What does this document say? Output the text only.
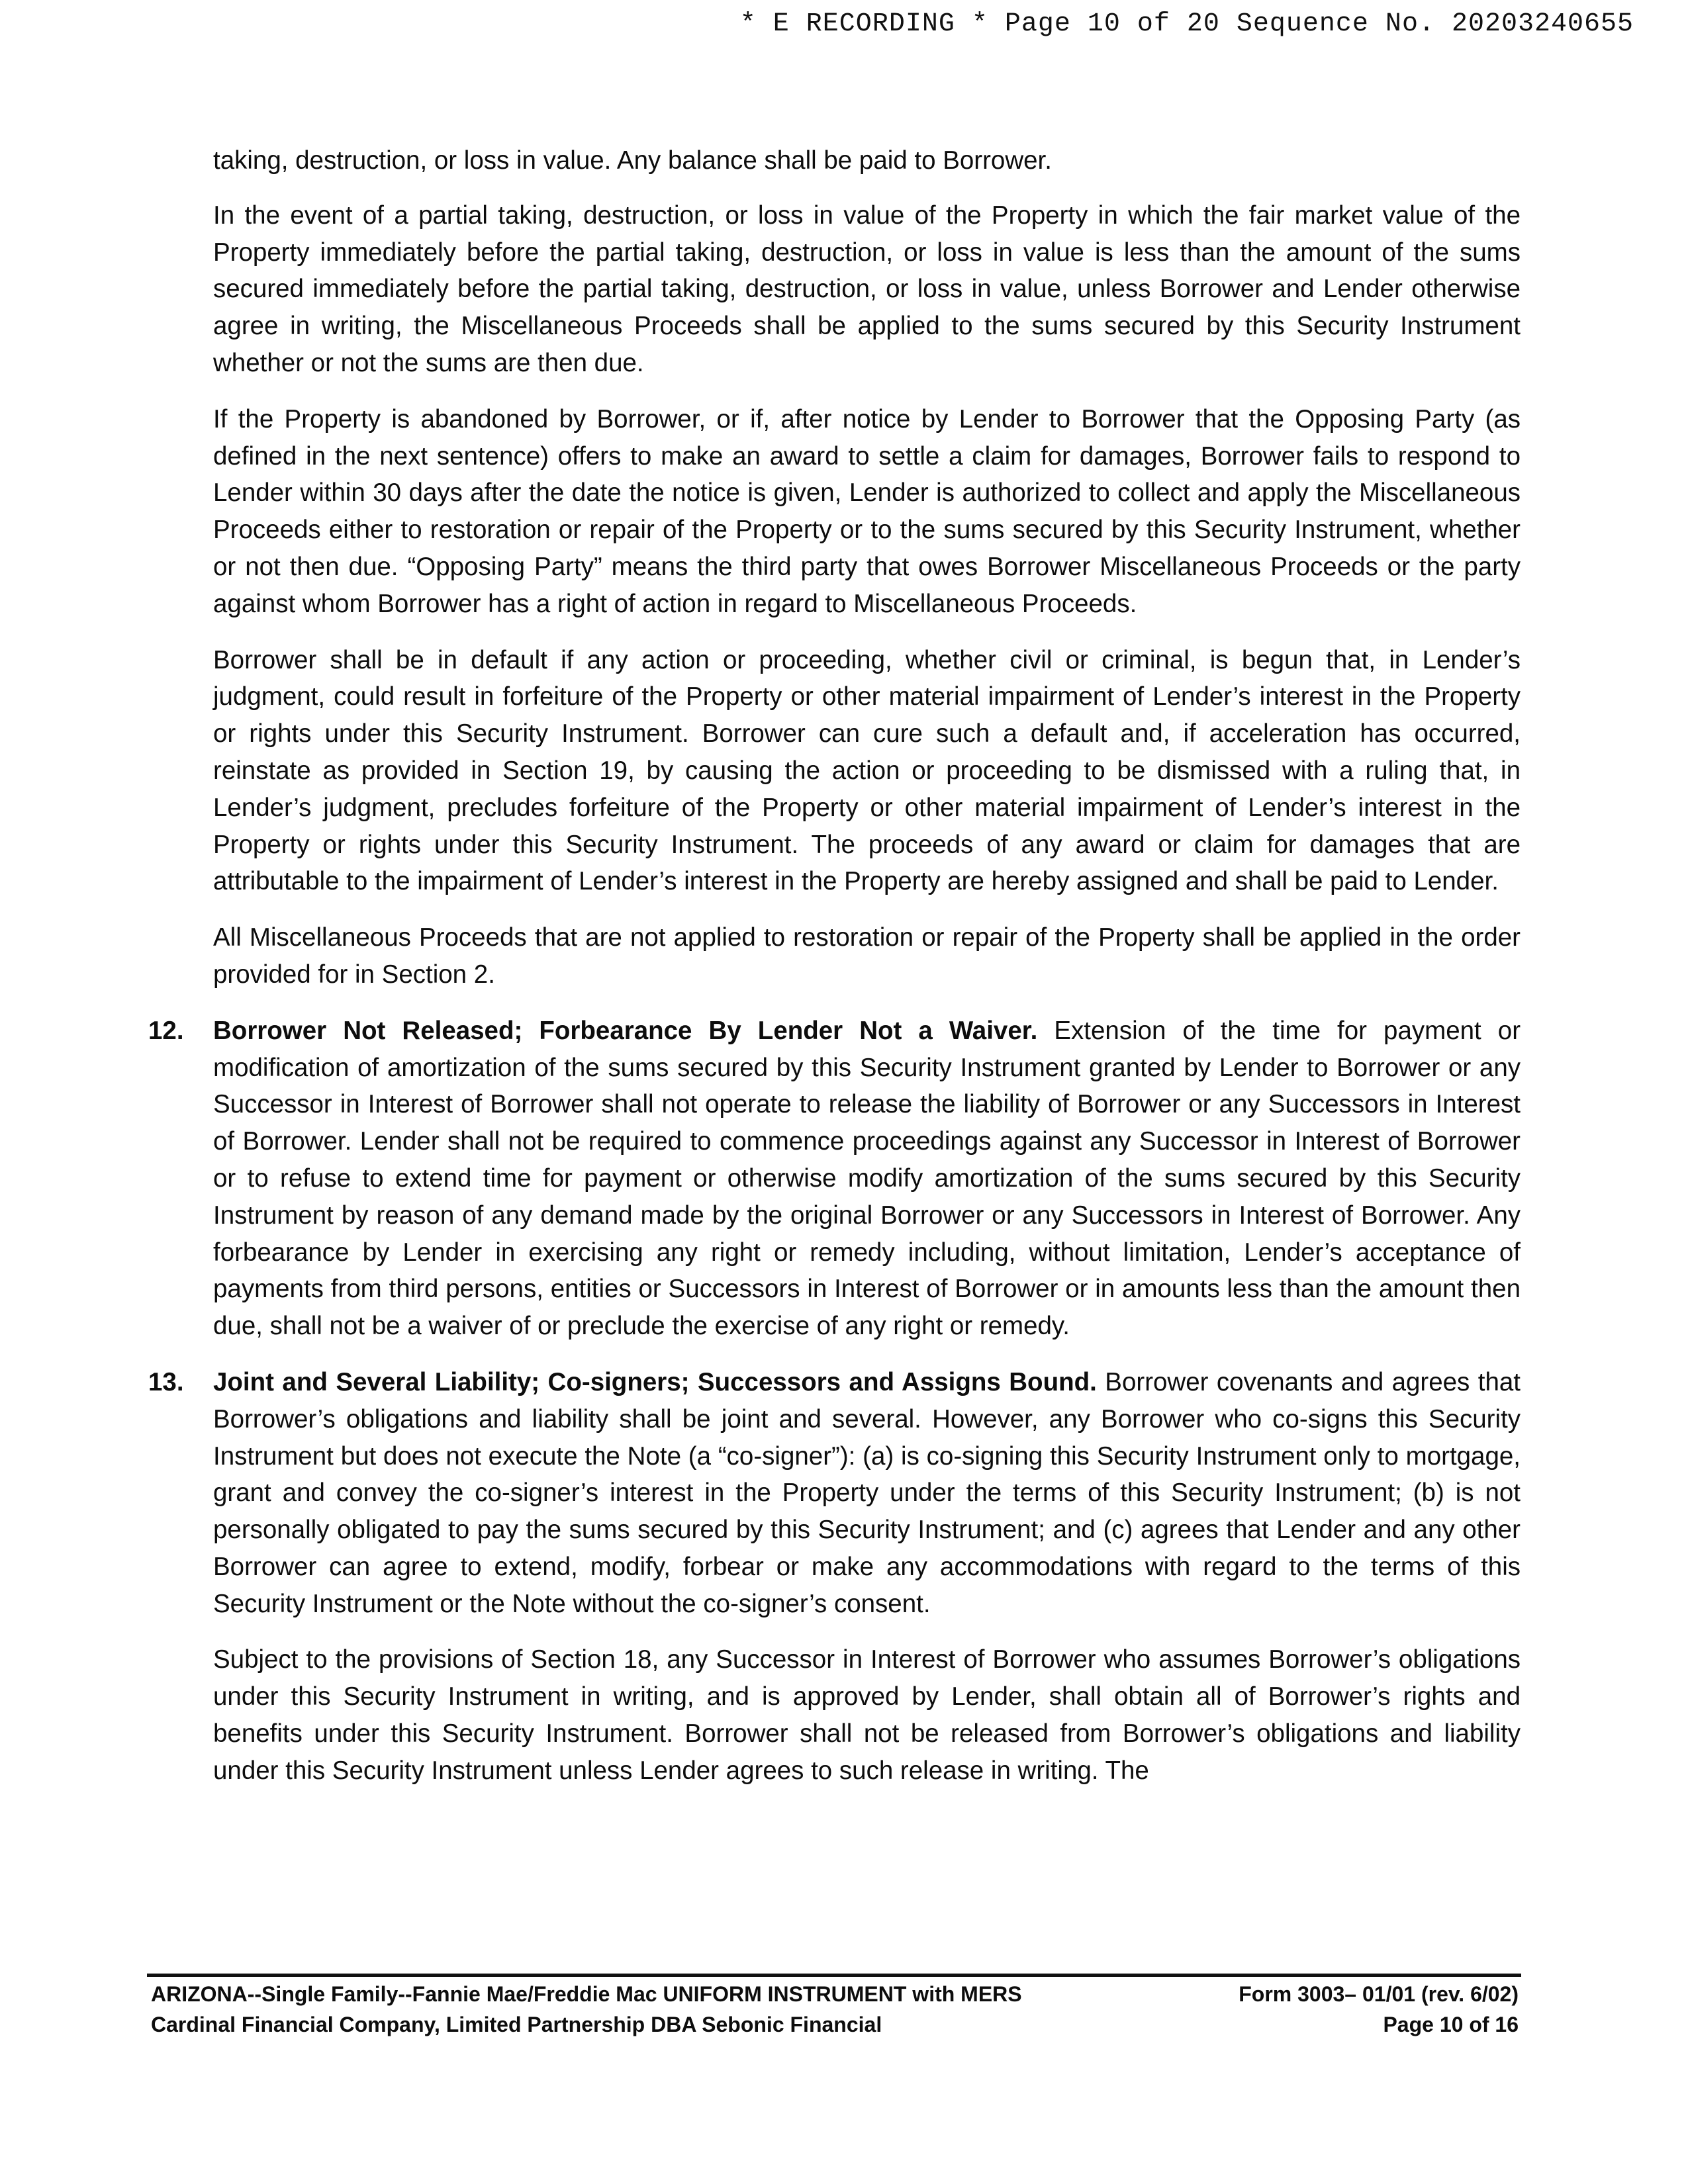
* E RECORDING * Page 10 of 20 Sequence No. 20203240655

taking, destruction, or loss in value. Any balance shall be paid to Borrower.

In the event of a partial taking, destruction, or loss in value of the Property in which the fair market value of the Property immediately before the partial taking, destruction, or loss in value is less than the amount of the sums secured immediately before the partial taking, destruction, or loss in value, unless Borrower and Lender otherwise agree in writing, the Miscellaneous Proceeds shall be applied to the sums secured by this Security Instrument whether or not the sums are then due.

If the Property is abandoned by Borrower, or if, after notice by Lender to Borrower that the Opposing Party (as defined in the next sentence) offers to make an award to settle a claim for damages, Borrower fails to respond to Lender within 30 days after the date the notice is given, Lender is authorized to collect and apply the Miscellaneous Proceeds either to restoration or repair of the Property or to the sums secured by this Security Instrument, whether or not then due. “Opposing Party” means the third party that owes Borrower Miscellaneous Proceeds or the party against whom Borrower has a right of action in regard to Miscellaneous Proceeds.

Borrower shall be in default if any action or proceeding, whether civil or criminal, is begun that, in Lender’s judgment, could result in forfeiture of the Property or other material impairment of Lender’s interest in the Property or rights under this Security Instrument. Borrower can cure such a default and, if acceleration has occurred, reinstate as provided in Section 19, by causing the action or proceeding to be dismissed with a ruling that, in Lender’s judgment, precludes forfeiture of the Property or other material impairment of Lender’s interest in the Property or rights under this Security Instrument. The proceeds of any award or claim for damages that are attributable to the impairment of Lender’s interest in the Property are hereby assigned and shall be paid to Lender.

All Miscellaneous Proceeds that are not applied to restoration or repair of the Property shall be applied in the order provided for in Section 2.

12. Borrower Not Released; Forbearance By Lender Not a Waiver. Extension of the time for payment or modification of amortization of the sums secured by this Security Instrument granted by Lender to Borrower or any Successor in Interest of Borrower shall not operate to release the liability of Borrower or any Successors in Interest of Borrower. Lender shall not be required to commence proceedings against any Successor in Interest of Borrower or to refuse to extend time for payment or otherwise modify amortization of the sums secured by this Security Instrument by reason of any demand made by the original Borrower or any Successors in Interest of Borrower. Any forbearance by Lender in exercising any right or remedy including, without limitation, Lender’s acceptance of payments from third persons, entities or Successors in Interest of Borrower or in amounts less than the amount then due, shall not be a waiver of or preclude the exercise of any right or remedy.

13. Joint and Several Liability; Co-signers; Successors and Assigns Bound. Borrower covenants and agrees that Borrower’s obligations and liability shall be joint and several. However, any Borrower who co-signs this Security Instrument but does not execute the Note (a “co-signer”): (a) is co-signing this Security Instrument only to mortgage, grant and convey the co-signer’s interest in the Property under the terms of this Security Instrument; (b) is not personally obligated to pay the sums secured by this Security Instrument; and (c) agrees that Lender and any other Borrower can agree to extend, modify, forbear or make any accommodations with regard to the terms of this Security Instrument or the Note without the co-signer’s consent.

Subject to the provisions of Section 18, any Successor in Interest of Borrower who assumes Borrower’s obligations under this Security Instrument in writing, and is approved by Lender, shall obtain all of Borrower’s rights and benefits under this Security Instrument. Borrower shall not be released from Borrower’s obligations and liability under this Security Instrument unless Lender agrees to such release in writing. The

ARIZONA--Single Family--Fannie Mae/Freddie Mac UNIFORM INSTRUMENT with MERS	Form 3003– 01/01 (rev. 6/02)
Cardinal Financial Company, Limited Partnership DBA Sebonic Financial	Page 10 of 16
